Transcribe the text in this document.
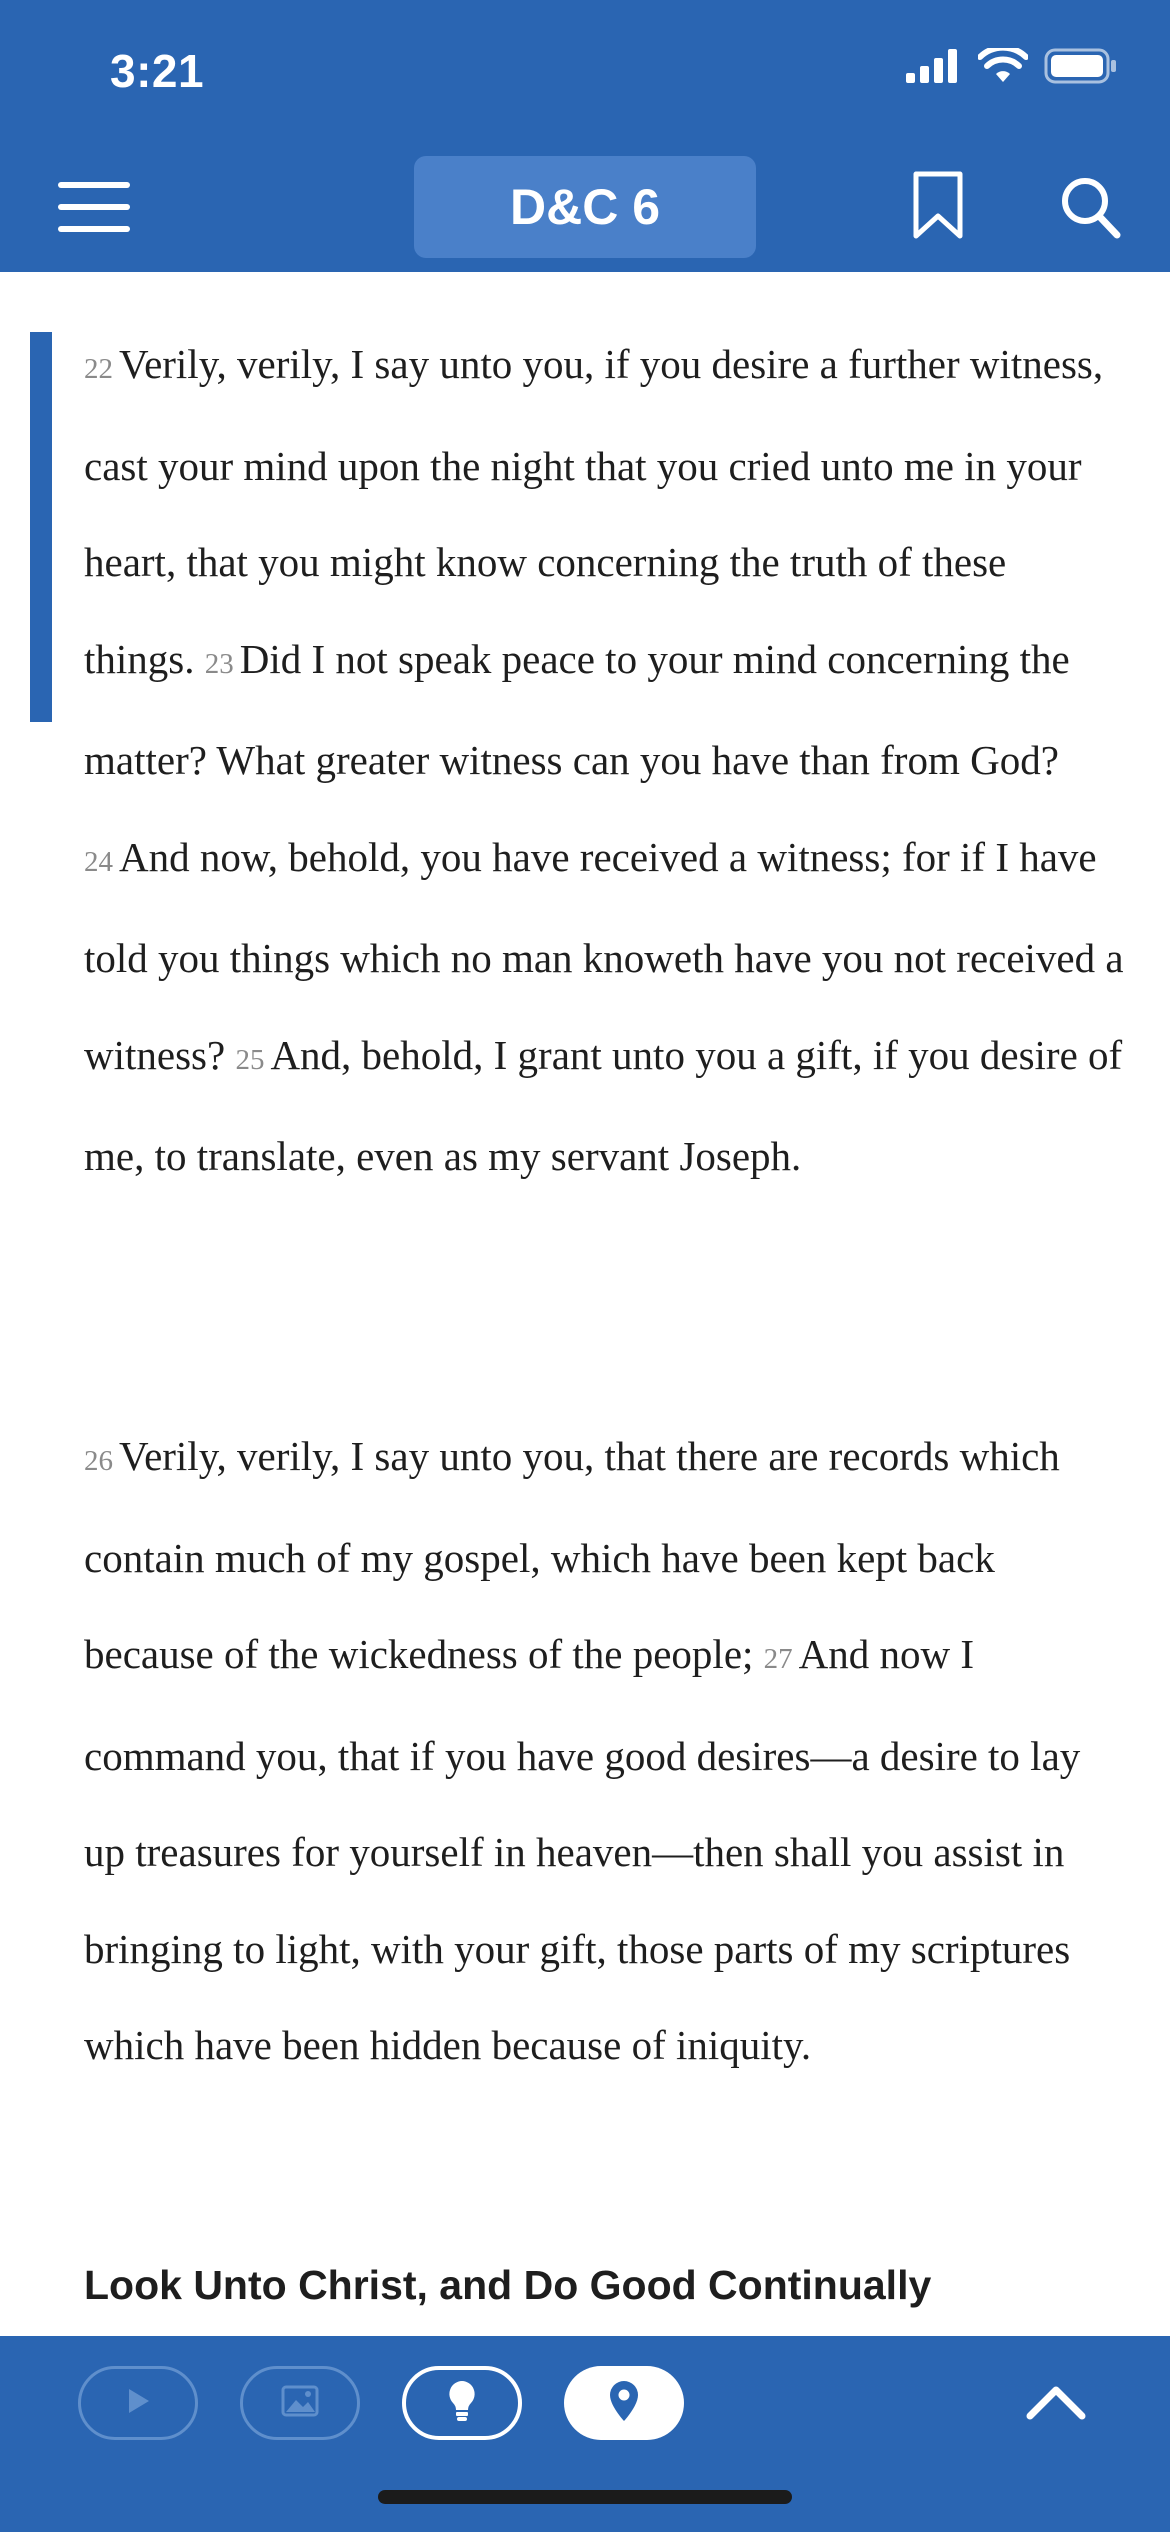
3:21
D&C 6
22 Verily, verily, I say unto you, if you desire a further witness, cast your mind upon the night that you cried unto me in your heart, that you might know concerning the truth of these things. 23 Did I not speak peace to your mind concerning the matter? What greater witness can you have than from God? 24 And now, behold, you have received a witness; for if I have told you things which no man knoweth have you not received a witness? 25 And, behold, I grant unto you a gift, if you desire of me, to translate, even as my servant Joseph.
26 Verily, verily, I say unto you, that there are records which contain much of my gospel, which have been kept back because of the wickedness of the people; 27 And now I command you, that if you have good desires—a desire to lay up treasures for yourself in heaven—then shall you assist in bringing to light, with your gift, those parts of my scriptures which have been hidden because of iniquity.
Look Unto Christ, and Do Good Continually
